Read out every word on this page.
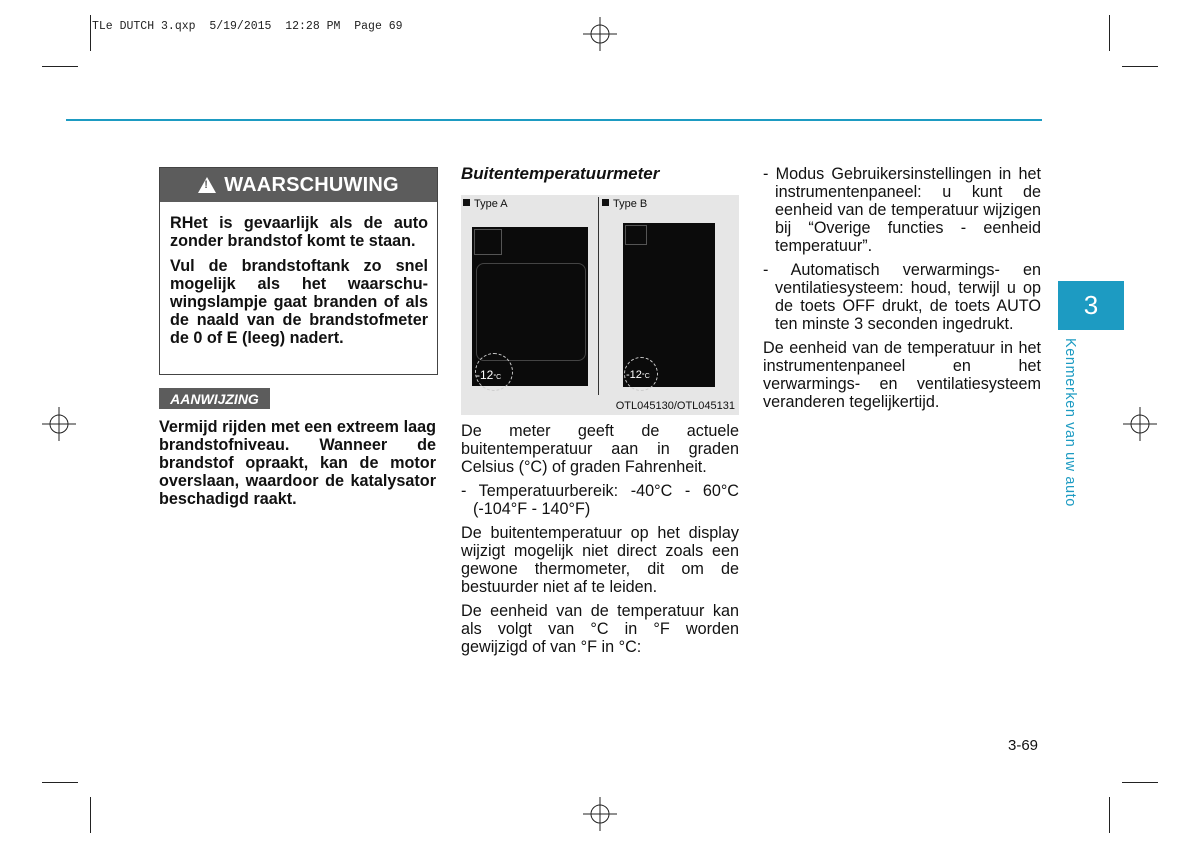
TLe DUTCH 3.qxp  5/19/2015  12:28 PM  Page 69
!
WAARSCHUWING

RHet is gevaarlijk als de auto zonder brandstof komt te staan.

Vul de brandstoftank zo snel mogelijk als het waarschu-wingslampje gaat branden of als de naald van de brandstofmeter de 0 of E (leeg) nadert.

AANWIJZING
Vermijd rijden met een extreem laag brandstofniveau. Wanneer de brandstof opraakt, kan de motor overslaan, waardoor de katalysator beschadigd raakt.
Buitentemperatuurmeter
Type A	Type B
-12°C	-12°C
OTL045130/OTL045131

De meter geeft de actuele buitentemperatuur aan in graden Celsius (°C) of graden Fahrenheit.

- Temperatuurbereik: -40°C - 60°C (-104°F - 140°F)

De buitentemperatuur op het display wijzigt mogelijk niet direct zoals een gewone thermometer, dit om de bestuurder niet af te leiden.

De eenheid van de temperatuur kan als volgt van °C in °F worden gewijzigd of van °F in °C:

- Modus Gebruikersinstellingen in het instrumentenpaneel: u kunt de eenheid van de temperatuur wijzigen bij “Overige functies - eenheid temperatuur”.

- Automatisch verwarmings- en ventilatiesysteem: houd, terwijl u op de toets OFF drukt, de toets AUTO ten minste 3 seconden ingedrukt.

De eenheid van de temperatuur in het instrumentenpaneel en het verwarmings- en ventilatiesysteem veranderen tegelijkertijd.

3
Kenmerken van uw auto
3-69
